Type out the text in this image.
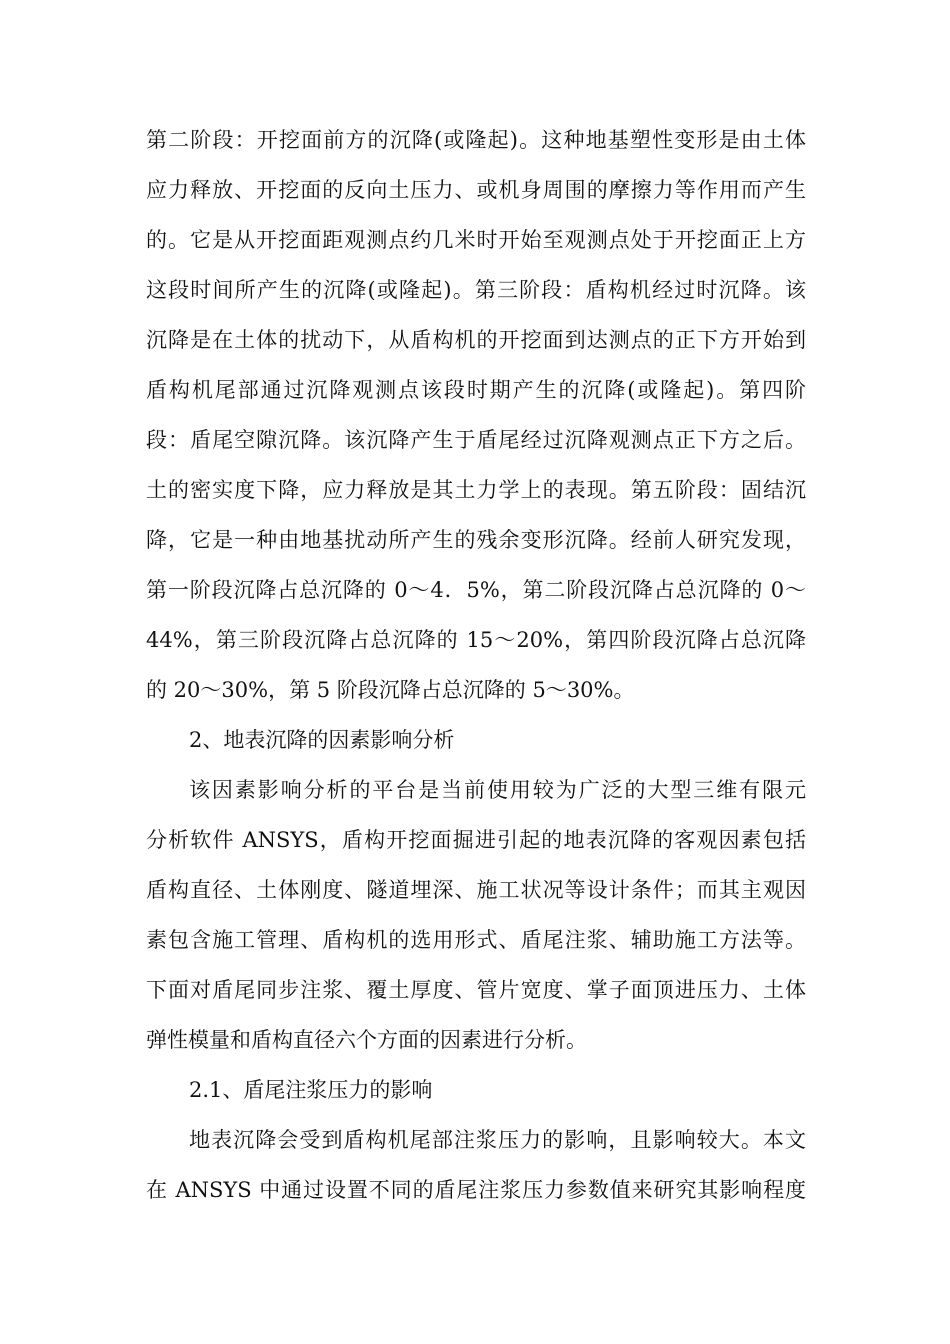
第二阶段：开挖面前方的沉降(或隆起)。这种地基塑性变形是由土体
应力释放、开挖面的反向土压力、或机身周围的摩擦力等作用而产生
的。它是从开挖面距观测点约几米时开始至观测点处于开挖面正上方
这段时间所产生的沉降(或隆起)。第三阶段：盾构机经过时沉降。该
沉降是在土体的扰动下，从盾构机的开挖面到达测点的正下方开始到
盾构机尾部通过沉降观测点该段时期产生的沉降(或隆起)。第四阶
段：盾尾空隙沉降。该沉降产生于盾尾经过沉降观测点正下方之后。
土的密实度下降，应力释放是其土力学上的表现。第五阶段：固结沉
降，它是一种由地基扰动所产生的残余变形沉降。经前人研究发现，
第一阶段沉降占总沉降的 0～4．5%，第二阶段沉降占总沉降的 0～
44%，第三阶段沉降占总沉降的 15～20%，第四阶段沉降占总沉降
的 20～30%，第 5 阶段沉降占总沉降的 5～30%。
2、地表沉降的因素影响分析
该因素影响分析的平台是当前使用较为广泛的大型三维有限元
分析软件 ANSYS，盾构开挖面掘进引起的地表沉降的客观因素包括
盾构直径、土体刚度、隧道埋深、施工状况等设计条件；而其主观因
素包含施工管理、盾构机的选用形式、盾尾注浆、辅助施工方法等。
下面对盾尾同步注浆、覆土厚度、管片宽度、掌子面顶进压力、土体
弹性模量和盾构直径六个方面的因素进行分析。
2.1、盾尾注浆压力的影响
地表沉降会受到盾构机尾部注浆压力的影响，且影响较大。本文
在 ANSYS 中通过设置不同的盾尾注浆压力参数值来研究其影响程度
